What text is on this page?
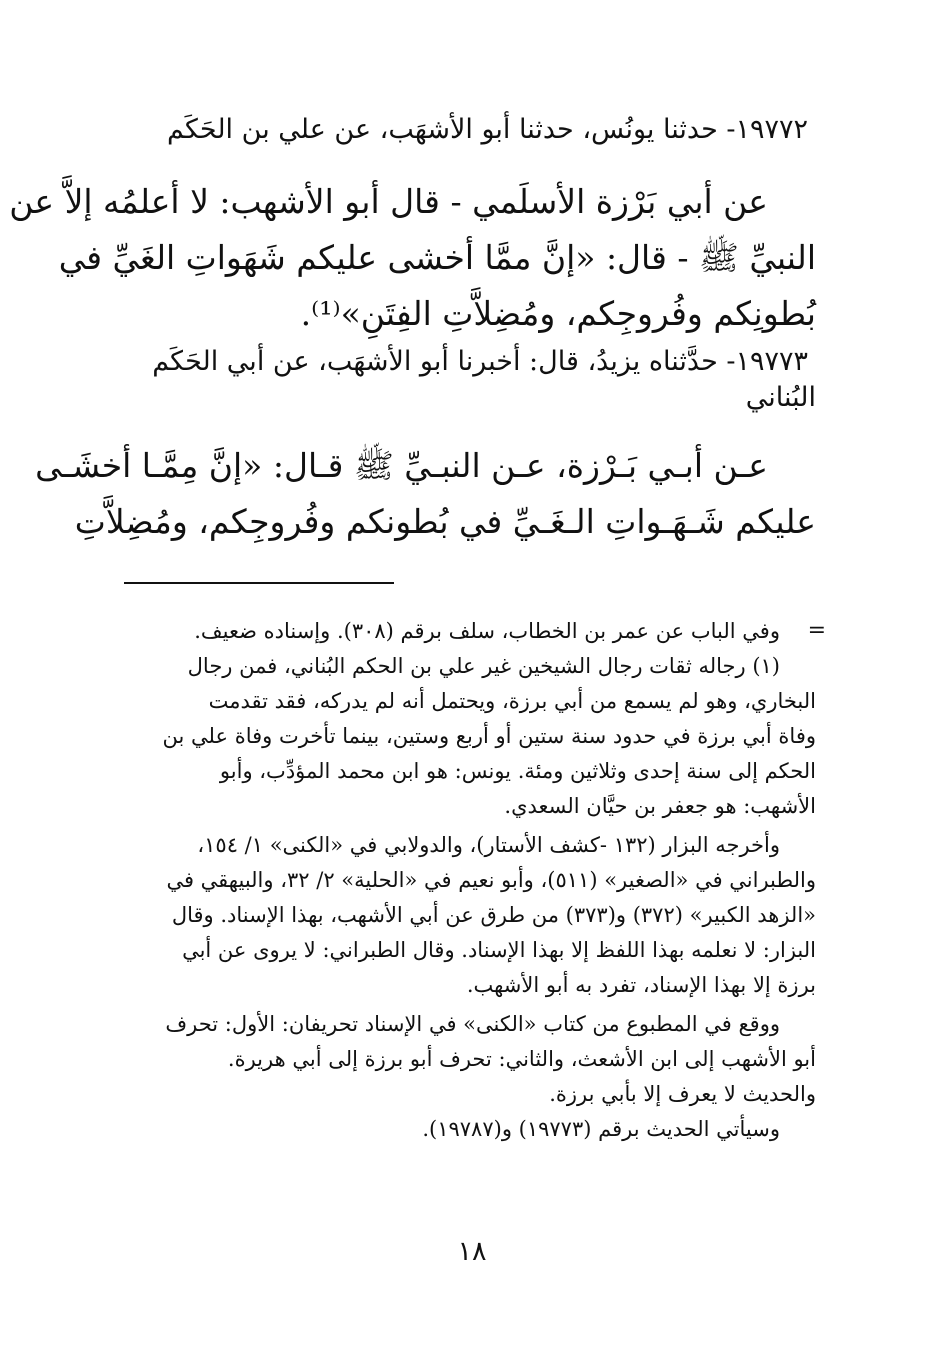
١٩٧٧٢- حدثنا يونُس، حدثنا أبو الأشهَب، عن علي بن الحَكَم
عن أبي بَرْزة الأسلَمي - قال أبو الأشهب: لا أعلمُه إلاَّ عن
النبيِّ ﷺ - قال: «إنَّ ممَّا أخشى عليكم شَهَواتِ الغَيِّ في
بُطونِكم وفُروجِكم، ومُضِلاَّتِ الفِتَنِ»⁽¹⁾.
١٩٧٧٣- حدَّثناه يزيدُ، قال: أخبرنا أبو الأشهَب، عن أبي الحَكَم
البُناني
عـن أبـي بَـرْزة، عـن النبـيِّ ﷺ قـال: «إنَّ مِمَّـا أخشَـى
عليكم شَـهَـواتِ الـغَـيِّ في بُطونكم وفُروجِكم، ومُضِلاَّتِ
=
وفي الباب عن عمر بن الخطاب، سلف برقم (٣٠٨). وإسناده ضعيف.
(١) رجاله ثقات رجال الشيخين غير علي بن الحكم البُناني، فمن رجال
البخاري، وهو لم يسمع من أبي برزة، ويحتمل أنه لم يدركه، فقد تقدمت
وفاة أبي برزة في حدود سنة ستين أو أربع وستين، بينما تأخرت وفاة علي بن
الحكم إلى سنة إحدى وثلاثين ومئة. يونس: هو ابن محمد المؤدِّب، وأبو
الأشهب: هو جعفر بن حيَّان السعدي.
وأخرجه البزار (١٣٢ -كشف الأستار)، والدولابي في «الكنى» ١/ ١٥٤،
والطبراني في «الصغير» (٥١١)، وأبو نعيم في «الحلية» ٢/ ٣٢، والبيهقي في
«الزهد الكبير» (٣٧٢) و(٣٧٣) من طرق عن أبي الأشهب، بهذا الإسناد. وقال
البزار: لا نعلمه بهذا اللفظ إلا بهذا الإسناد. وقال الطبراني: لا يروى عن أبي
برزة إلا بهذا الإسناد، تفرد به أبو الأشهب.
ووقع في المطبوع من كتاب «الكنى» في الإسناد تحريفان: الأول: تحرف
أبو الأشهب إلى ابن الأشعث، والثاني: تحرف أبو برزة إلى أبي هريرة.
والحديث لا يعرف إلا بأبي برزة.
وسيأتي الحديث برقم (١٩٧٧٣) و(١٩٧٨٧).
١٨
